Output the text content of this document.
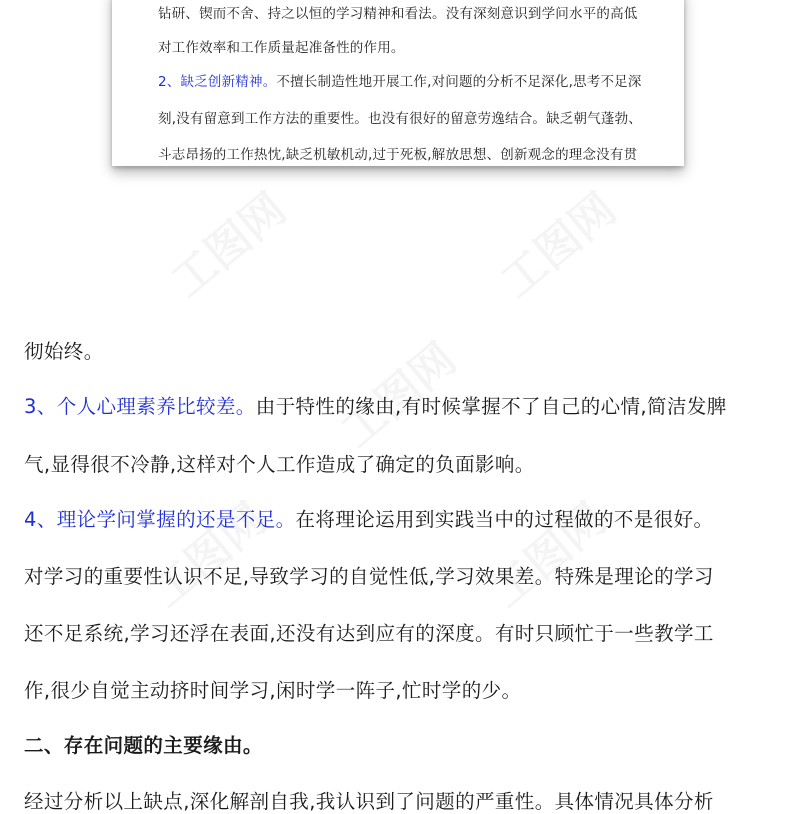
钻研、锲而不舍、持之以恒的学习精神和看法。没有深刻意识到学问水平的高低
对工作效率和工作质量起准备性的作用。
2、缺乏创新精神。不擅长制造性地开展工作,对问题的分析不足深化,思考不足深
刻,没有留意到工作方法的重要性。也没有很好的留意劳逸结合。缺乏朝气蓬勃、
斗志昂扬的工作热忱,缺乏机敏机动,过于死板,解放思想、创新观念的理念没有贯
彻始终。
3、个人心理素养比较差。由于特性的缘由,有时候掌握不了自己的心情,简洁发脾
气,显得很不冷静,这样对个人工作造成了确定的负面影响。
4、理论学问掌握的还是不足。在将理论运用到实践当中的过程做的不是很好。
对学习的重要性认识不足,导致学习的自觉性低,学习效果差。特殊是理论的学习
还不足系统,学习还浮在表面,还没有达到应有的深度。有时只顾忙于一些教学工
作,很少自觉主动挤时间学习,闲时学一阵子,忙时学的少。
二、存在问题的主要缘由。
经过分析以上缺点,深化解剖自我,我认识到了问题的严重性。具体情况具体分析
